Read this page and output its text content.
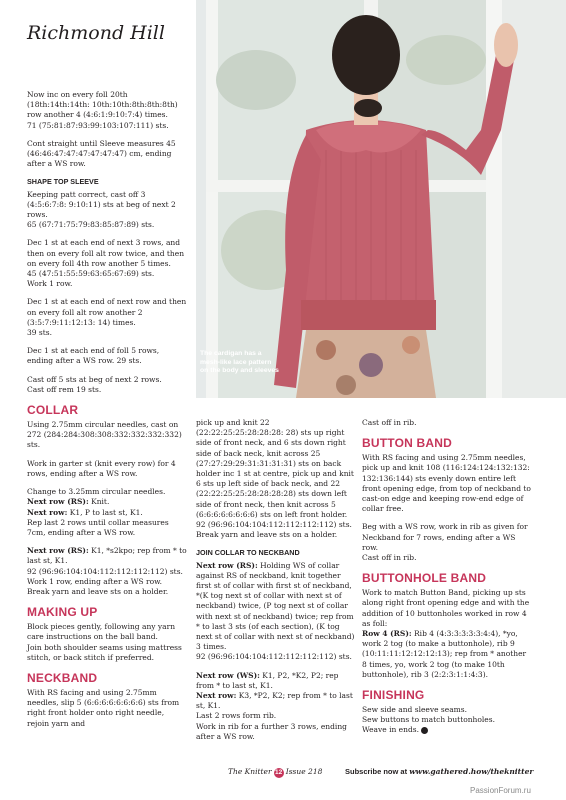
Richmond Hill
The cardigan has a mesh-like lace pattern on the body and sleeves
Now inc on every foll 20th (18th:14th:14th: 10th:10th:8th:8th:8th) row another 4 (4:6:1:9:10:7:4) times.
71 (75:81:87:93:99:103:107:111) sts.
Cont straight until Sleeve measures 45 (46:46:47:47:47:47:47:47) cm, ending after a WS row.
SHAPE TOP SLEEVE
Keeping patt correct, cast off 3 (4:5:6:7:8: 9:10:11) sts at beg of next 2 rows.
65 (67:71:75:79:83:85:87:89) sts.
Dec 1 st at each end of next 3 rows, and then on every foll alt row twice, and then on every foll 4th row another 5 times.
45 (47:51:55:59:63:65:67:69) sts.
Work 1 row.
Dec 1 st at each end of next row and then on every foll alt row another 2 (3:5:7:9:11:12:13: 14) times.
39 sts.
Dec 1 st at each end of foll 5 rows, ending after a WS row. 29 sts.
Cast off 5 sts at beg of next 2 rows.
Cast off rem 19 sts.
COLLAR
Using 2.75mm circular needles, cast on 272 (284:284:308:308:332:332:332:332) sts.
Work in garter st (knit every row) for 4 rows, ending after a WS row.
Change to 3.25mm circular needles.
Next row (RS): Knit.
Next row: K1, P to last st, K1.
Rep last 2 rows until collar measures 7cm, ending after a WS row.
Next row (RS): K1, *s2kpo; rep from * to last st, K1.
92 (96:96:104:104:112:112:112:112) sts.
Work 1 row, ending after a WS row.
Break yarn and leave sts on a holder.
MAKING UP
Block pieces gently, following any yarn care instructions on the ball band.
Join both shoulder seams using mattress stitch, or back stitch if preferred.
NECKBAND
With RS facing and using 2.75mm needles, slip 5 (6:6:6:6:6:6:6:6) sts from right front holder onto right needle, rejoin yarn and
pick up and knit 22 (22:22:25:25:28:28:28: 28) sts up right side of front neck, and 6 sts down right side of back neck, knit across 25 (27:27:29:29:31:31:31:31) sts on back holder inc 1 st at centre, pick up and knit 6 sts up left side of back neck, and 22 (22:22:25:25:28:28:28:28) sts down left side of front neck, then knit across 5 (6:6:6:6:6:6:6:6) sts on left front holder.
92 (96:96:104:104:112:112:112:112) sts.
Break yarn and leave sts on a holder.
JOIN COLLAR TO NECKBAND
Next row (RS): Holding WS of collar against RS of neckband, knit together first st of collar with first st of neckband, *(K tog next st of collar with next st of neckband) twice, (P tog next st of collar with next st of neckband) twice; rep from * to last 3 sts (of each section), (K tog next st of collar with next st of neckband) 3 times.
92 (96:96:104:104:112:112:112:112) sts.
Next row (WS): K1, P2, *K2, P2; rep from * to last st, K1.
Next row: K3, *P2, K2; rep from * to last st, K1.
Last 2 rows form rib.
Work in rib for a further 3 rows, ending after a WS row.
Cast off in rib.
BUTTON BAND
With RS facing and using 2.75mm needles, pick up and knit 108 (116:124:124:132:132: 132:136:144) sts evenly down entire left front opening edge, from top of neckband to cast-on edge and keeping row-end edge of collar free.
Beg with a WS row, work in rib as given for Neckband for 7 rows, ending after a WS row.
Cast off in rib.
BUTTONHOLE BAND
Work to match Button Band, picking up sts along right front opening edge and with the addition of 10 buttonholes worked in row 4 as foll:
Row 4 (RS): Rib 4 (4:3:3:3:3:3:4:4), *yo, work 2 tog (to make a buttonhole), rib 9 (10:11:11:12:12:12:13); rep from * another 8 times, yo, work 2 tog (to make 10th buttonhole), rib 3 (2:2:3:1:1:4:3).
FINISHING
Sew side and sleeve seams.
Sew buttons to match buttonholes.
Weave in ends.
The Knitter 12 Issue 218	Subscribe now at www.gathered.how/theknitter
PassionForum.ru
